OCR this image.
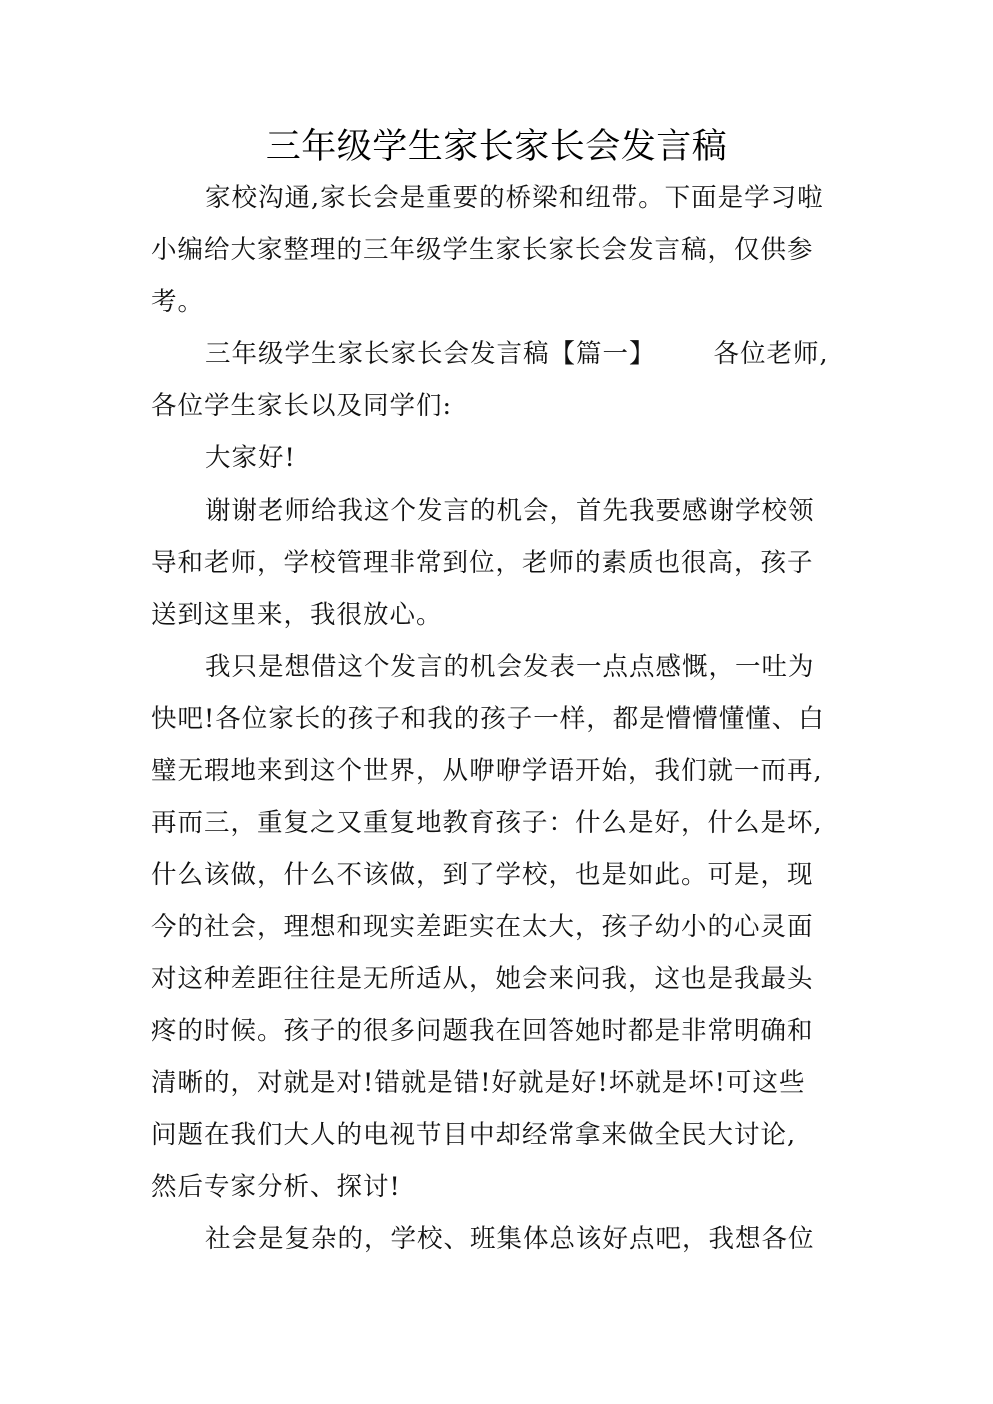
三年级学生家长家长会发言稿
家校沟通,家长会是重要的桥梁和纽带。下面是学习啦
小编给大家整理的三年级学生家长家长会发言稿，仅供参
考。
三年级学生家长家长会发言稿【篇一】 各位老师,
各位学生家长以及同学们:
大家好!
谢谢老师给我这个发言的机会，首先我要感谢学校领
导和老师，学校管理非常到位，老师的素质也很高，孩子
送到这里来，我很放心。
我只是想借这个发言的机会发表一点点感慨，一吐为
快吧!各位家长的孩子和我的孩子一样，都是懵懵懂懂、白
璧无瑕地来到这个世界，从咿咿学语开始，我们就一而再,
再而三，重复之又重复地教育孩子：什么是好，什么是坏,
什么该做，什么不该做，到了学校，也是如此。可是，现
今的社会，理想和现实差距实在太大，孩子幼小的心灵面
对这种差距往往是无所适从，她会来问我，这也是我最头
疼的时候。孩子的很多问题我在回答她时都是非常明确和
清晰的，对就是对!错就是错!好就是好!坏就是坏!可这些
问题在我们大人的电视节目中却经常拿来做全民大讨论,
然后专家分析、探讨!
社会是复杂的，学校、班集体总该好点吧，我想各位
